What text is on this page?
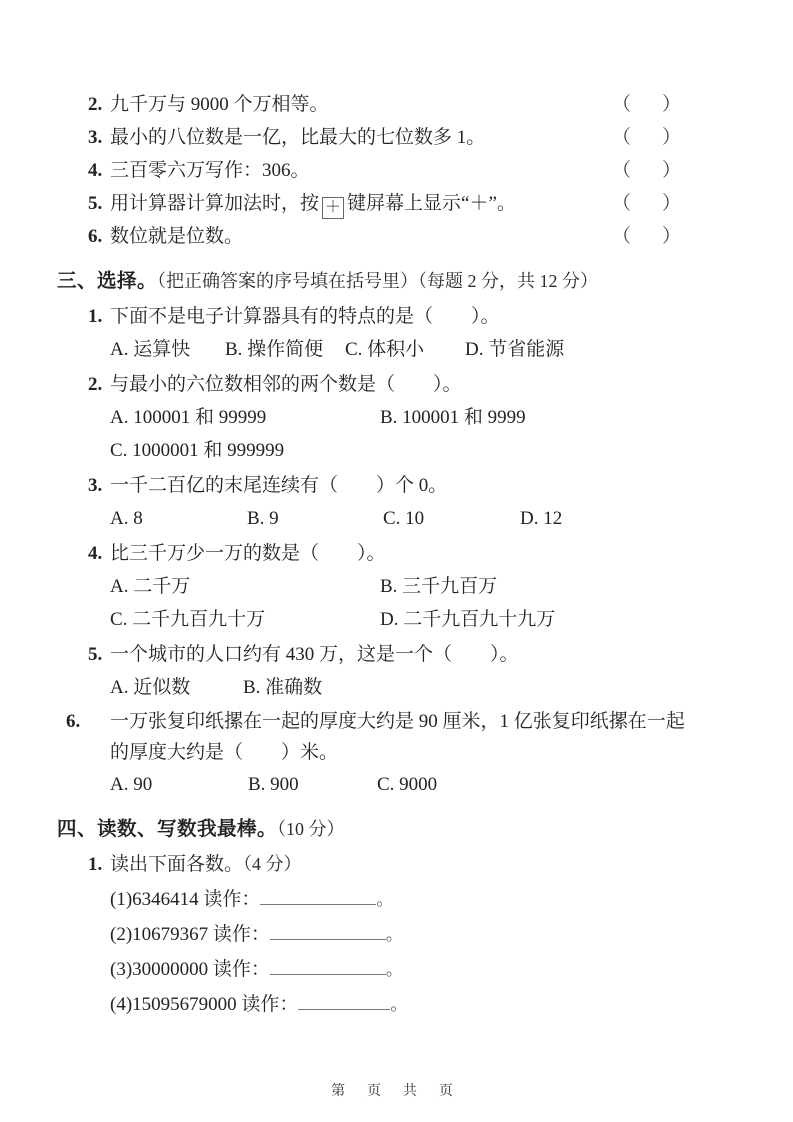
2. 九千万与 9000 个万相等。	（　）
3. 最小的八位数是一亿，比最大的七位数多 1。	（　）
4. 三百零六万写作：306。	（　）
5. 用计算器计算加法时，按 ＋ 键屏幕上显示“＋”。	（　）
6. 数位就是位数。	（　）
三、选择。（把正确答案的序号填在括号里）（每题 2 分，共 12 分）
1. 下面不是电子计算器具有的特点的是（　　）。
A. 运算快	B. 操作简便	C. 体积小	D. 节省能源
2. 与最小的六位数相邻的两个数是（　　）。
A. 100001 和 99999	B. 100001 和 9999
C. 1000001 和 999999
3. 一千二百亿的末尾连续有（　　）个 0。
A. 8	B. 9	C. 10	D. 12
4. 比三千万少一万的数是（　　）。
A. 二千万	B. 三千九百万
C. 二千九百九十万	D. 二千九百九十九万
5. 一个城市的人口约有 430 万，这是一个（　　）。
A. 近似数	B. 准确数
6. 一万张复印纸摞在一起的厚度大约是 90 厘米，1 亿张复印纸摞在一起的厚度大约是（　　）米。
A. 90	B. 900	C. 9000
四、读数、写数我最棒。（10 分）
1. 读出下面各数。（4 分）
(1)6346414 读作：	。
(2)10679367 读作：	。
(3)30000000 读作：	。
(4)15095679000 读作：	。
第 页 共 页
